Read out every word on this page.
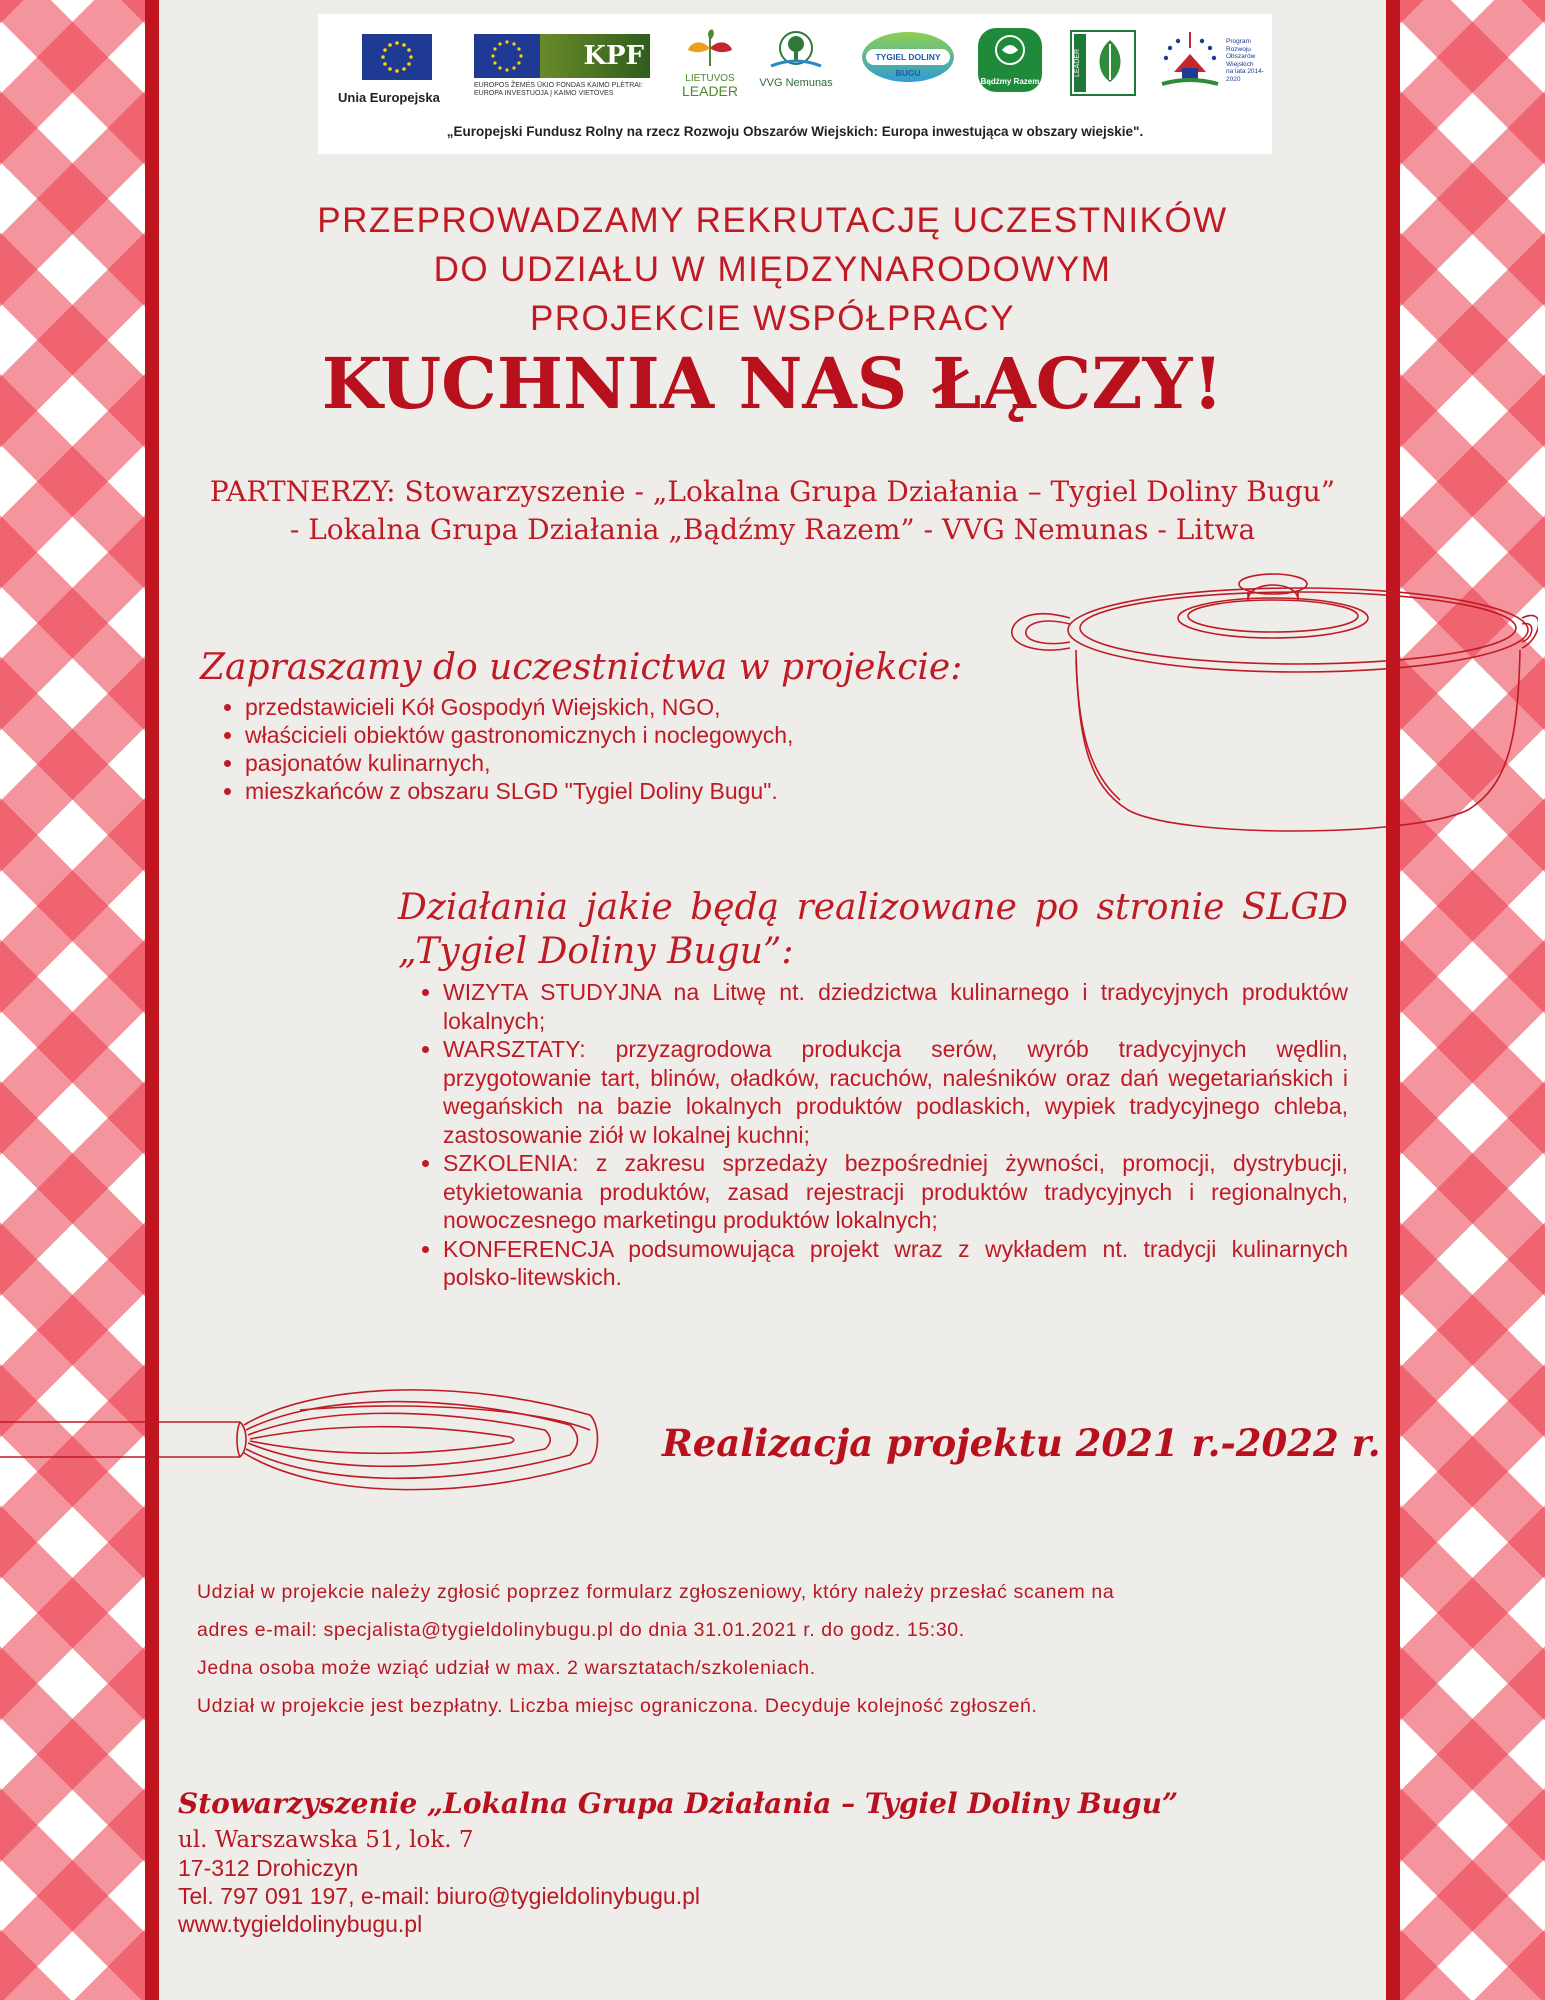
Unia Europejska
KPF
EUROPOS ŽEMĖS ŪKIO FONDAS KAIMO PLĖTRAI:
EUROPA INVESTUOJA Į KAIMO VIETOVES
LIETUVOS
LEADER	VVG Nemunas
TYGIEL DOLINY BUGU
Bądźmy Razem
LEADER
Program
Rozwoju
Obszarów
Wiejskich
na lata 2014-2020
„Europejski Fundusz Rolny na rzecz Rozwoju Obszarów Wiejskich: Europa inwestująca w obszary wiejskie".
PRZEPROWADZAMY REKRUTACJĘ UCZESTNIKÓW
DO UDZIAŁU W MIĘDZYNARODOWYM
PROJEKCIE WSPÓŁPRACY
KUCHNIA NAS ŁĄCZY!
PARTNERZY: Stowarzyszenie - „Lokalna Grupa Działania – Tygiel Doliny Bugu”
- Lokalna Grupa Działania „Bądźmy Razem” - VVG Nemunas - Litwa
Zapraszamy do uczestnictwa w projekcie:
• przedstawicieli Kół Gospodyń Wiejskich, NGO,
• właścicieli obiektów gastronomicznych i noclegowych,
• pasjonatów kulinarnych,
• mieszkańców z obszaru SLGD "Tygiel Doliny Bugu".
Działania jakie będą realizowane po stronie SLGD „Tygiel Doliny Bugu”:
• WIZYTA STUDYJNA na Litwę nt. dziedzictwa kulinarnego i tradycyjnych produktów lokalnych;
• WARSZTATY: przyzagrodowa produkcja serów, wyrób tradycyjnych wędlin, przygotowanie tart, blinów, oładków, racuchów, naleśników oraz dań wegetariańskich i wegańskich na bazie lokalnych produktów podlaskich, wypiek tradycyjnego chleba, zastosowanie ziół w lokalnej kuchni;
• SZKOLENIA: z zakresu sprzedaży bezpośredniej żywności, promocji, dystrybucji, etykietowania produktów, zasad rejestracji produktów tradycyjnych i regionalnych, nowoczesnego marketingu produktów lokalnych;
• KONFERENCJA podsumowująca projekt wraz z wykładem nt. tradycji kulinarnych polsko-litewskich.
Realizacja projektu 2021 r.-2022 r.

Udział w projekcie należy zgłosić poprzez formularz zgłoszeniowy, który należy przesłać scanem na

adres e-mail: specjalista@tygieldolinybugu.pl do dnia 31.01.2021 r. do godz. 15:30.

Jedna osoba może wziąć udział w max. 2 warsztatach/szkoleniach.

Udział w projekcie jest bezpłatny. Liczba miejsc ograniczona. Decyduje kolejność zgłoszeń.

Stowarzyszenie „Lokalna Grupa Działania – Tygiel Doliny Bugu”
ul. Warszawska 51, lok. 7
17-312 Drohiczyn
Tel. 797 091 197, e-mail: biuro@tygieldolinybugu.pl
www.tygieldolinybugu.pl
